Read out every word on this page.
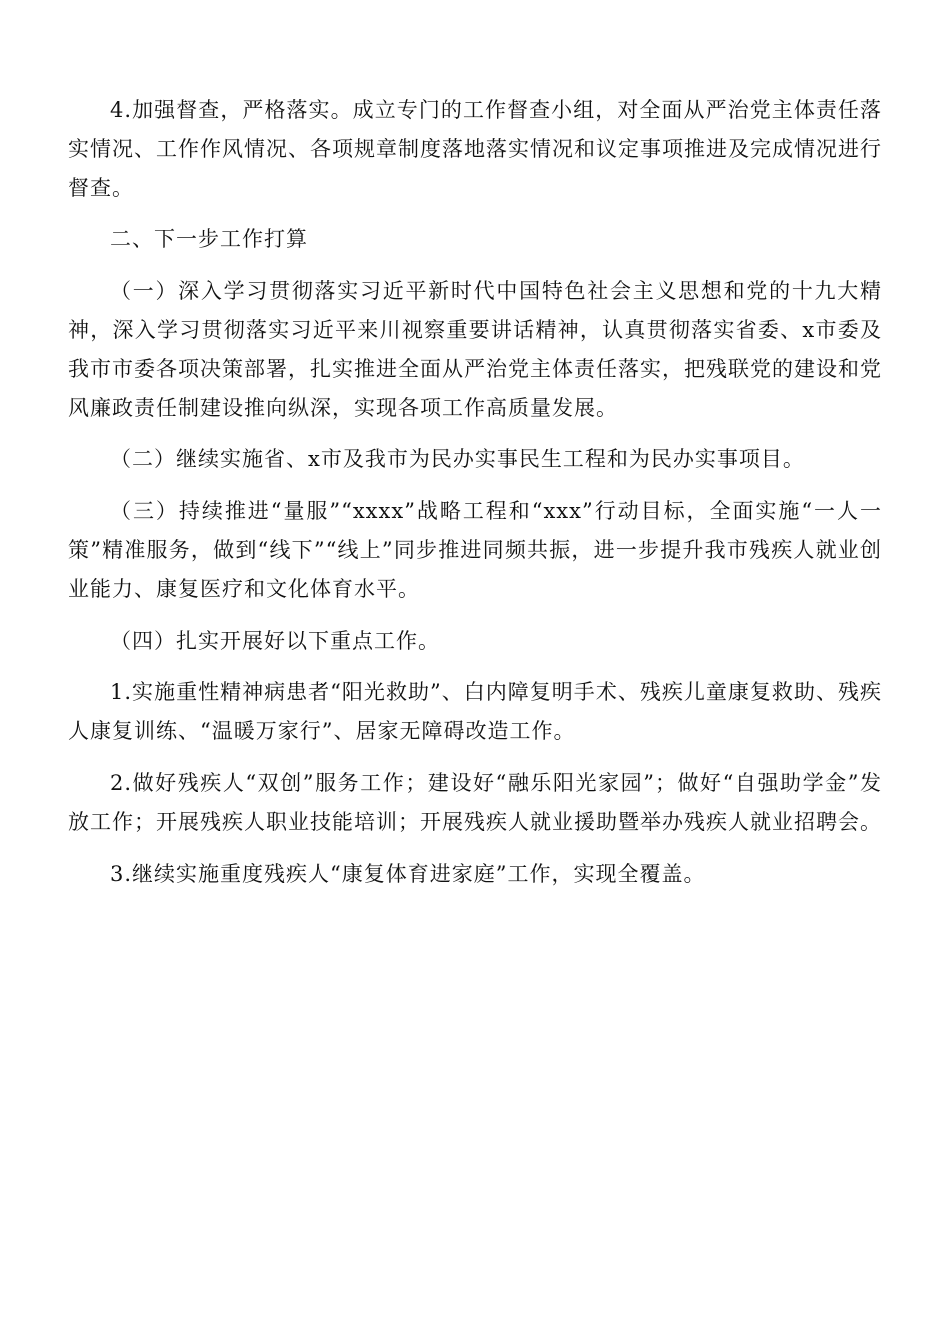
4.加强督查，严格落实。成立专门的工作督查小组，对全面从严治党主体责任落实情况、工作作风情况、各项规章制度落地落实情况和议定事项推进及完成情况进行督查。

二、下一步工作打算

（一）深入学习贯彻落实习近平新时代中国特色社会主义思想和党的十九大精神，深入学习贯彻落实习近平来川视察重要讲话精神，认真贯彻落实省委、x市委及我市市委各项决策部署，扎实推进全面从严治党主体责任落实，把残联党的建设和党风廉政责任制建设推向纵深，实现各项工作高质量发展。

（二）继续实施省、x市及我市为民办实事民生工程和为民办实事项目。

（三）持续推进“量服”“xxxx”战略工程和“xxx”行动目标，全面实施“一人一策”精准服务，做到“线下”“线上”同步推进同频共振，进一步提升我市残疾人就业创业能力、康复医疗和文化体育水平。

（四）扎实开展好以下重点工作。

1.实施重性精神病患者“阳光救助”、白内障复明手术、残疾儿童康复救助、残疾人康复训练、“温暖万家行”、居家无障碍改造工作。

2.做好残疾人“双创”服务工作；建设好“融乐阳光家园”；做好“自强助学金”发放工作；开展残疾人职业技能培训；开展残疾人就业援助暨举办残疾人就业招聘会。

3.继续实施重度残疾人“康复体育进家庭”工作，实现全覆盖。
